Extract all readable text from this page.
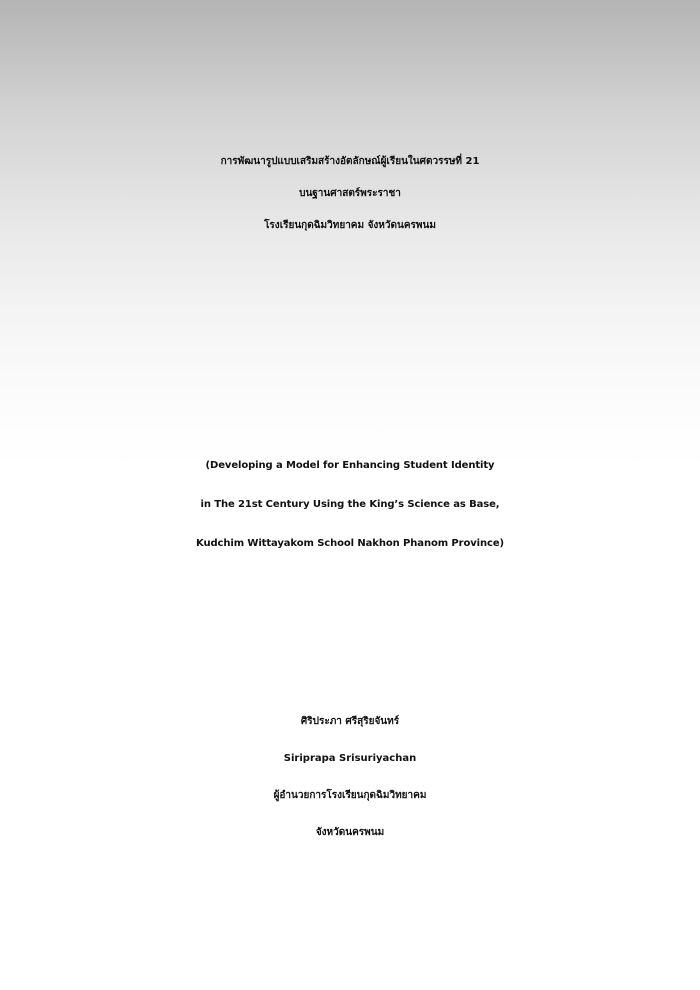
การพัฒนารูปแบบเสริมสร้างอัตลักษณ์ผู้เรียนในศตวรรษที่ 21
บนฐานศาสตร์พระราชา
โรงเรียนกุดฉิมวิทยาคม จังหวัดนครพนม
(Developing a Model for Enhancing Student Identity
in The 21st Century Using the King’s Science as Base,
Kudchim Wittayakom School Nakhon Phanom Province)
ศิริประภา ศรีสุริยจันทร์
Siriprapa Srisuriyachan
ผู้อำนวยการโรงเรียนกุดฉิมวิทยาคม
จังหวัดนครพนม
